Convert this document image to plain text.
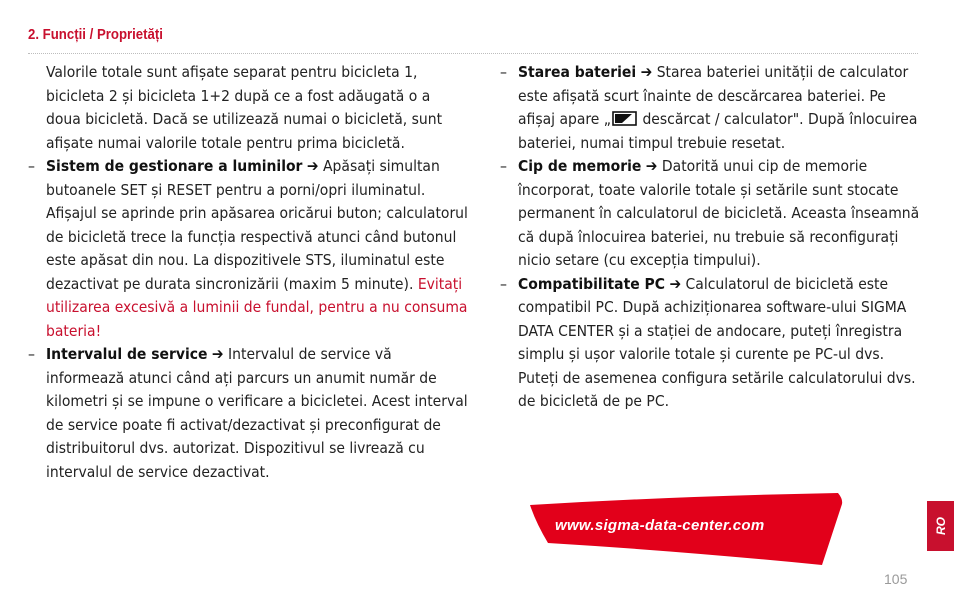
2. Funcții / Proprietăți

Valorile totale sunt afișate separat pentru bicicleta 1, bicicleta 2 și bicicleta 1+2 după ce a fost adăugată o a doua bicicletă. Dacă se utilizează numai o bicicletă, sunt afișate numai valorile totale pentru prima bicicletă.

– Sistem de gestionare a luminilor ➔ Apăsați simultan butoanele SET și RESET pentru a porni/opri iluminatul. Afișajul se aprinde prin apăsarea oricărui buton; calculatorul de bicicletă trece la funcția respectivă atunci când butonul este apăsat din nou. La dispozitivele STS, iluminatul este dezactivat pe durata sincronizării (maxim 5 minute). Evitați utilizarea excesivă a luminii de fundal, pentru a nu consuma bateria!

– Intervalul de service ➔ Intervalul de service vă informează atunci când ați parcurs un anumit număr de kilometri și se impune o verificare a bicicletei. Acest interval de service poate fi activat/dezactivat și preconfigurat de distribuitorul dvs. autorizat. Dispozitivul se livrează cu intervalul de service dezactivat.

– Starea bateriei ➔ Starea bateriei unității de calculator este afișată scurt înainte de descărcarea bateriei. Pe afișaj apare „ descărcat / calculator". După înlocuirea bateriei, numai timpul trebuie resetat.

– Cip de memorie ➔ Datorită unui cip de memorie încorporat, toate valorile totale și setările sunt stocate permanent în calculatorul de bicicletă. Aceasta înseamnă că după înlocuirea bateriei, nu trebuie să reconfigurați nicio setare (cu excepția timpului).

– Compatibilitate PC ➔ Calculatorul de bicicletă este compatibil PC. După achiziționarea software-ului SIGMA DATA CENTER și a stației de andocare, puteți înregistra simplu și ușor valorile totale și curente pe PC-ul dvs. Puteți de asemenea configura setările calculatorului dvs. de bicicletă de pe PC.

www.sigma-data-center.com	RO
105
